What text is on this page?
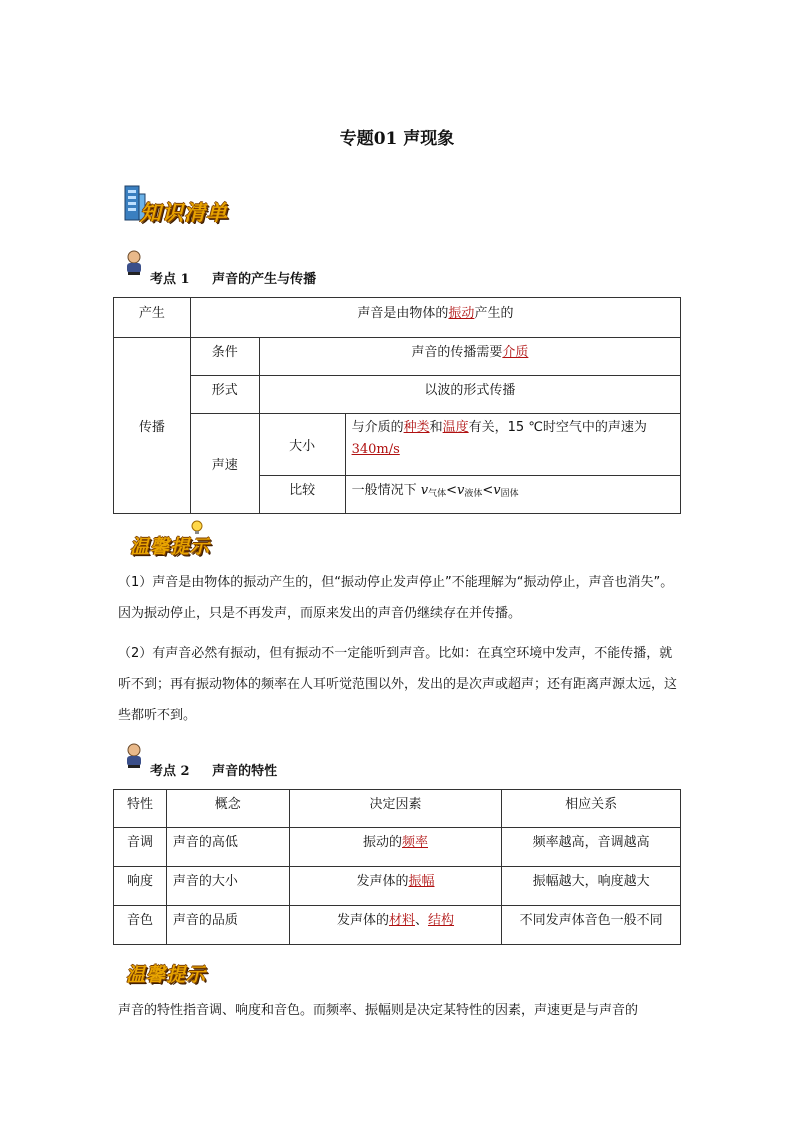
专题01 声现象
知识清单
考点 1 声音的产生与传播
产生	声音是由物体的振动产生的		
传播	条件	声音的传播需要介质	
	形式	以波的形式传播	
	声速	大小	与介质的种类和温度有关，15 ℃时空气中的声速为
340m/s
		比较	一般情况下 $v_{气体}<v_{液体}<v_{固体}$
温馨提示
（1）声音是由物体的振动产生的，但“振动停止发声停止”不能理解为“振动停止，声音也消失”。因为振动停止，只是不再发声，而原来发出的声音仍继续存在并传播。
（2）有声音必然有振动，但有振动不一定能听到声音。比如：在真空环境中发声，不能传播，就听不到；再有振动物体的频率在人耳听觉范围以外，发出的是次声或超声；还有距离声源太远，这些都听不到。
考点 2 声音的特性
特性	概念	决定因素	相应关系
音调	声音的高低	振动的频率	频率越高，音调越高
响度	声音的大小	发声体的振幅	振幅越大，响度越大
音色	声音的品质	发声体的材料、结构	不同发声体音色一般不同
温馨提示
声音的特性指音调、响度和音色。而频率、振幅则是决定某特性的因素，声速更是与声音的
